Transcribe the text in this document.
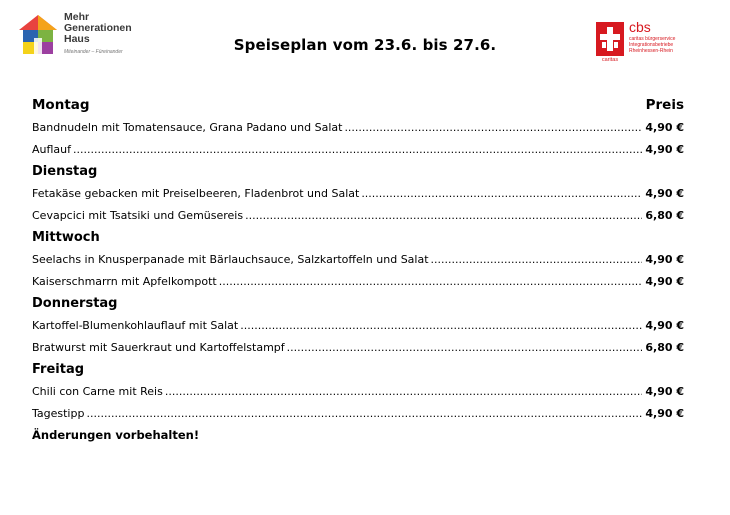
Mehr
Generationen
Haus
Miteinander – Füreinander	Speiseplan vom 23.6. bis 27.6.
cbs
caritas bürgerservice
Integrationsbetriebe
Rheinhessen-Rhein
caritas
Montag	Preis
Bandnudeln mit Tomatensauce, Grana Padano und Salat .....	4,90 €
Auflauf .....	4,90 €
Dienstag
Fetakäse gebacken mit Preiselbeeren, Fladenbrot und Salat .....	4,90 €
Cevapcici mit Tsatsiki und Gemüsereis .....	6,80 €
Mittwoch
Seelachs in Knusperpanade mit Bärlauchsauce, Salzkartoffeln und Salat .....	4,90 €
Kaiserschmarrn mit Apfelkompott .....	4,90 €
Donnerstag
Kartoffel-Blumenkohlauflauf mit Salat .....	4,90 €
Bratwurst mit Sauerkraut und Kartoffelstampf .....	6,80 €
Freitag
Chili con Carne mit Reis .....	4,90 €
Tagestipp .....	4,90 €
Änderungen vorbehalten!
